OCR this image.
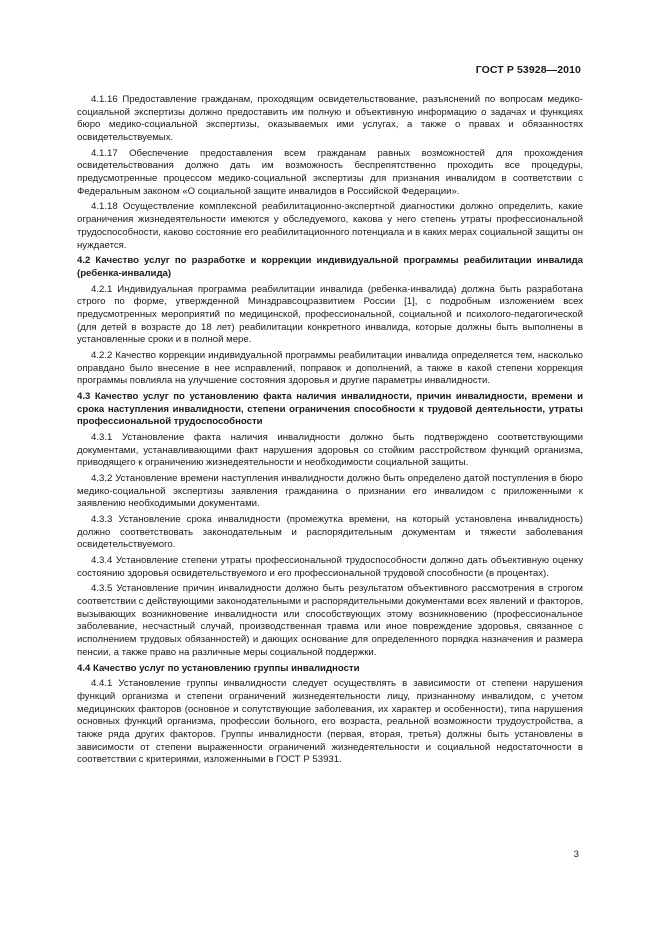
ГОСТ Р 53928—2010

4.1.16 Предоставление гражданам, проходящим освидетельствование, разъяснений по вопросам медико-социальной экспертизы должно предоставить им полную и объективную информацию о задачах и функциях бюро медико-социальной экспертизы, оказываемых ими услугах, а также о правах и обязанностях освидетельствуемых.

4.1.17 Обеспечение предоставления всем гражданам равных возможностей для прохождения освидетельствования должно дать им возможность беспрепятственно проходить все процедуры, предусмотренные процессом медико-социальной экспертизы для признания инвалидом в соответствии с Федеральным законом «О социальной защите инвалидов в Российской Федерации».

4.1.18 Осуществление комплексной реабилитационно-экспертной диагностики должно определить, какие ограничения жизнедеятельности имеются у обследуемого, какова у него степень утраты профессиональной трудоспособности, каково состояние его реабилитационного потенциала и в каких мерах социальной защиты он нуждается.

4.2 Качество услуг по разработке и коррекции индивидуальной программы реабилитации инвалида (ребенка-инвалида)

4.2.1 Индивидуальная программа реабилитации инвалида (ребенка-инвалида) должна быть разработана строго по форме, утвержденной Минздравсоцразвитием России [1], с подробным изложением всех предусмотренных мероприятий по медицинской, профессиональной, социальной и психолого-педагогической (для детей в возрасте до 18 лет) реабилитации конкретного инвалида, которые должны быть выполнены в установленные сроки и в полной мере.

4.2.2 Качество коррекции индивидуальной программы реабилитации инвалида определяется тем, насколько оправдано было внесение в нее исправлений, поправок и дополнений, а также в какой степени коррекция программы повлияла на улучшение состояния здоровья и другие параметры инвалидности.

4.3 Качество услуг по установлению факта наличия инвалидности, причин инвалидности, времени и срока наступления инвалидности, степени ограничения способности к трудовой деятельности, утраты профессиональной трудоспособности

4.3.1 Установление факта наличия инвалидности должно быть подтверждено соответствующими документами, устанавливающими факт нарушения здоровья со стойким расстройством функций организма, приводящего к ограничению жизнедеятельности и необходимости социальной защиты.

4.3.2 Установление времени наступления инвалидности должно быть определено датой поступления в бюро медико-социальной экспертизы заявления гражданина о признании его инвалидом с приложенными к заявлению необходимыми документами.

4.3.3 Установление срока инвалидности (промежутка времени, на который установлена инвалидность) должно соответствовать законодательным и распорядительным документам и тяжести заболевания освидетельствуемого.

4.3.4 Установление степени утраты профессиональной трудоспособности должно дать объективную оценку состоянию здоровья освидетельствуемого и его профессиональной трудовой способности (в процентах).

4.3.5 Установление причин инвалидности должно быть результатом объективного рассмотрения в строгом соответствии с действующими законодательными и распорядительными документами всех явлений и факторов, вызывающих возникновение инвалидности или способствующих этому возникновению (профессиональное заболевание, несчастный случай, производственная травма или иное повреждение здоровья, связанное с исполнением трудовых обязанностей) и дающих основание для определенного порядка назначения и размера пенсии, а также право на различные меры социальной поддержки.

4.4 Качество услуг по установлению группы инвалидности

4.4.1 Установление группы инвалидности следует осуществлять в зависимости от степени нарушения функций организма и степени ограничений жизнедеятельности лицу, признанному инвалидом, с учетом медицинских факторов (основное и сопутствующие заболевания, их характер и особенности), типа нарушения основных функций организма, профессии больного, его возраста, реальной возможности трудоустройства, а также ряда других факторов. Группы инвалидности (первая, вторая, третья) должны быть установлены в зависимости от степени выраженности ограничений жизнедеятельности и социальной недостаточности в соответствии с критериями, изложенными в ГОСТ Р 53931.

3
